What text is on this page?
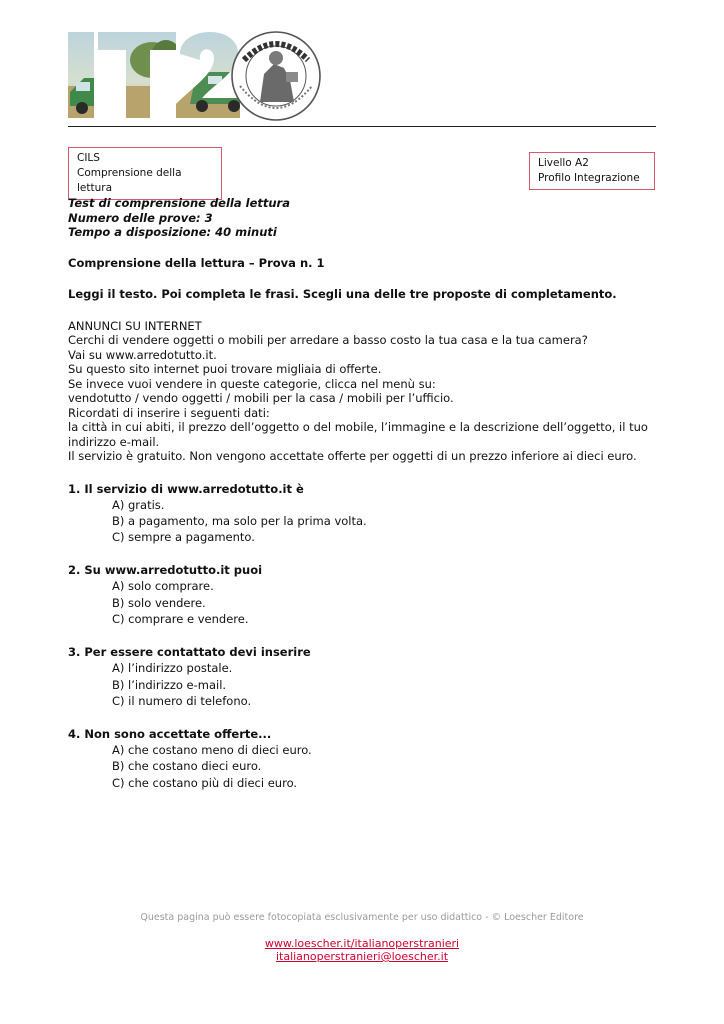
CILS
Comprensione della lettura
Livello A2
Profilo Integrazione
Test di comprensione della lettura
Numero delle prove: 3
Tempo a disposizione: 40 minuti
Comprensione della lettura – Prova n. 1
Leggi il testo. Poi completa le frasi. Scegli una delle tre proposte di completamento.

ANNUNCI SU INTERNET

Cerchi di vendere oggetti o mobili per arredare a basso costo la tua casa e la tua camera?

Vai su www.arredotutto.it.

Su questo sito internet puoi trovare migliaia di offerte.

Se invece vuoi vendere in queste categorie, clicca nel menù su:

vendotutto / vendo oggetti / mobili per la casa / mobili per l’ufficio.

Ricordati di inserire i seguenti dati:

la città in cui abiti, il prezzo dell’oggetto o del mobile, l’immagine e la descrizione dell’oggetto, il tuo indirizzo e-mail.

Il servizio è gratuito. Non vengono accettate offerte per oggetti di un prezzo inferiore ai dieci euro.

1. Il servizio di www.arredotutto.it è
A) gratis.
B) a pagamento, ma solo per la prima volta.
C) sempre a pagamento.
2. Su www.arredotutto.it puoi
A) solo comprare.
B) solo vendere.
C) comprare e vendere.
3. Per essere contattato devi inserire
A) l’indirizzo postale.
B) l’indirizzo e-mail.
C) il numero di telefono.
4. Non sono accettate offerte...
A) che costano meno di dieci euro.
B) che costano dieci euro.
C) che costano più di dieci euro.
Questa pagina può essere fotocopiata esclusivamente per uso didattico - © Loescher Editore
www.loescher.it/italianoperstranieri
italianoperstranieri@loescher.it
